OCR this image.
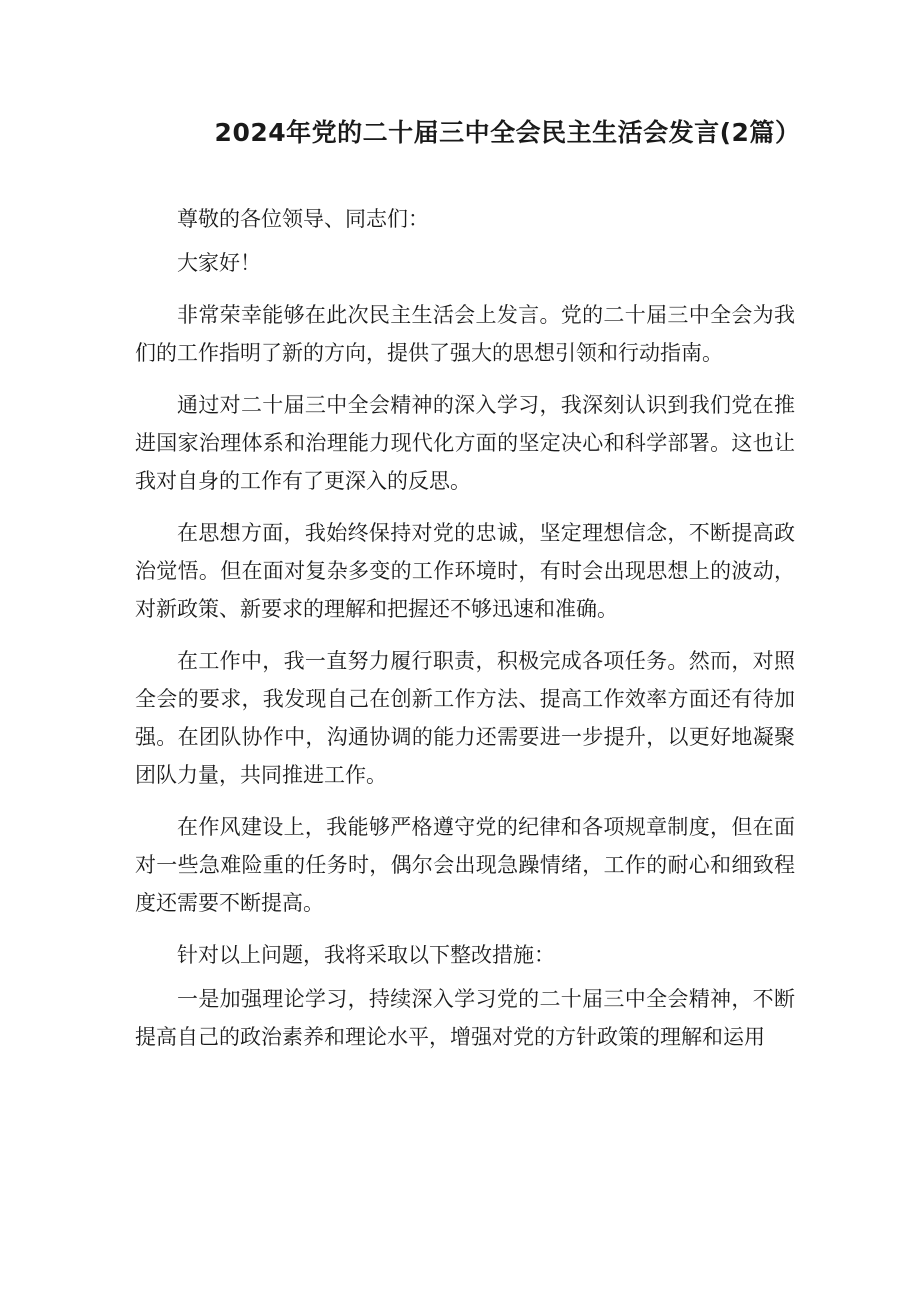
2024年党的二十届三中全会民主生活会发言(2篇）

尊敬的各位领导、同志们：

大家好！

非常荣幸能够在此次民主生活会上发言。党的二十届三中全会为我们的工作指明了新的方向，提供了强大的思想引领和行动指南。

通过对二十届三中全会精神的深入学习，我深刻认识到我们党在推进国家治理体系和治理能力现代化方面的坚定决心和科学部署。这也让我对自身的工作有了更深入的反思。

在思想方面，我始终保持对党的忠诚，坚定理想信念，不断提高政治觉悟。但在面对复杂多变的工作环境时，有时会出现思想上的波动，对新政策、新要求的理解和把握还不够迅速和准确。

在工作中，我一直努力履行职责，积极完成各项任务。然而，对照全会的要求，我发现自己在创新工作方法、提高工作效率方面还有待加强。在团队协作中，沟通协调的能力还需要进一步提升，以更好地凝聚团队力量，共同推进工作。

在作风建设上，我能够严格遵守党的纪律和各项规章制度，但在面对一些急难险重的任务时，偶尔会出现急躁情绪，工作的耐心和细致程度还需要不断提高。

针对以上问题，我将采取以下整改措施：

一是加强理论学习，持续深入学习党的二十届三中全会精神，不断提高自己的政治素养和理论水平，增强对党的方针政策的理解和运用
